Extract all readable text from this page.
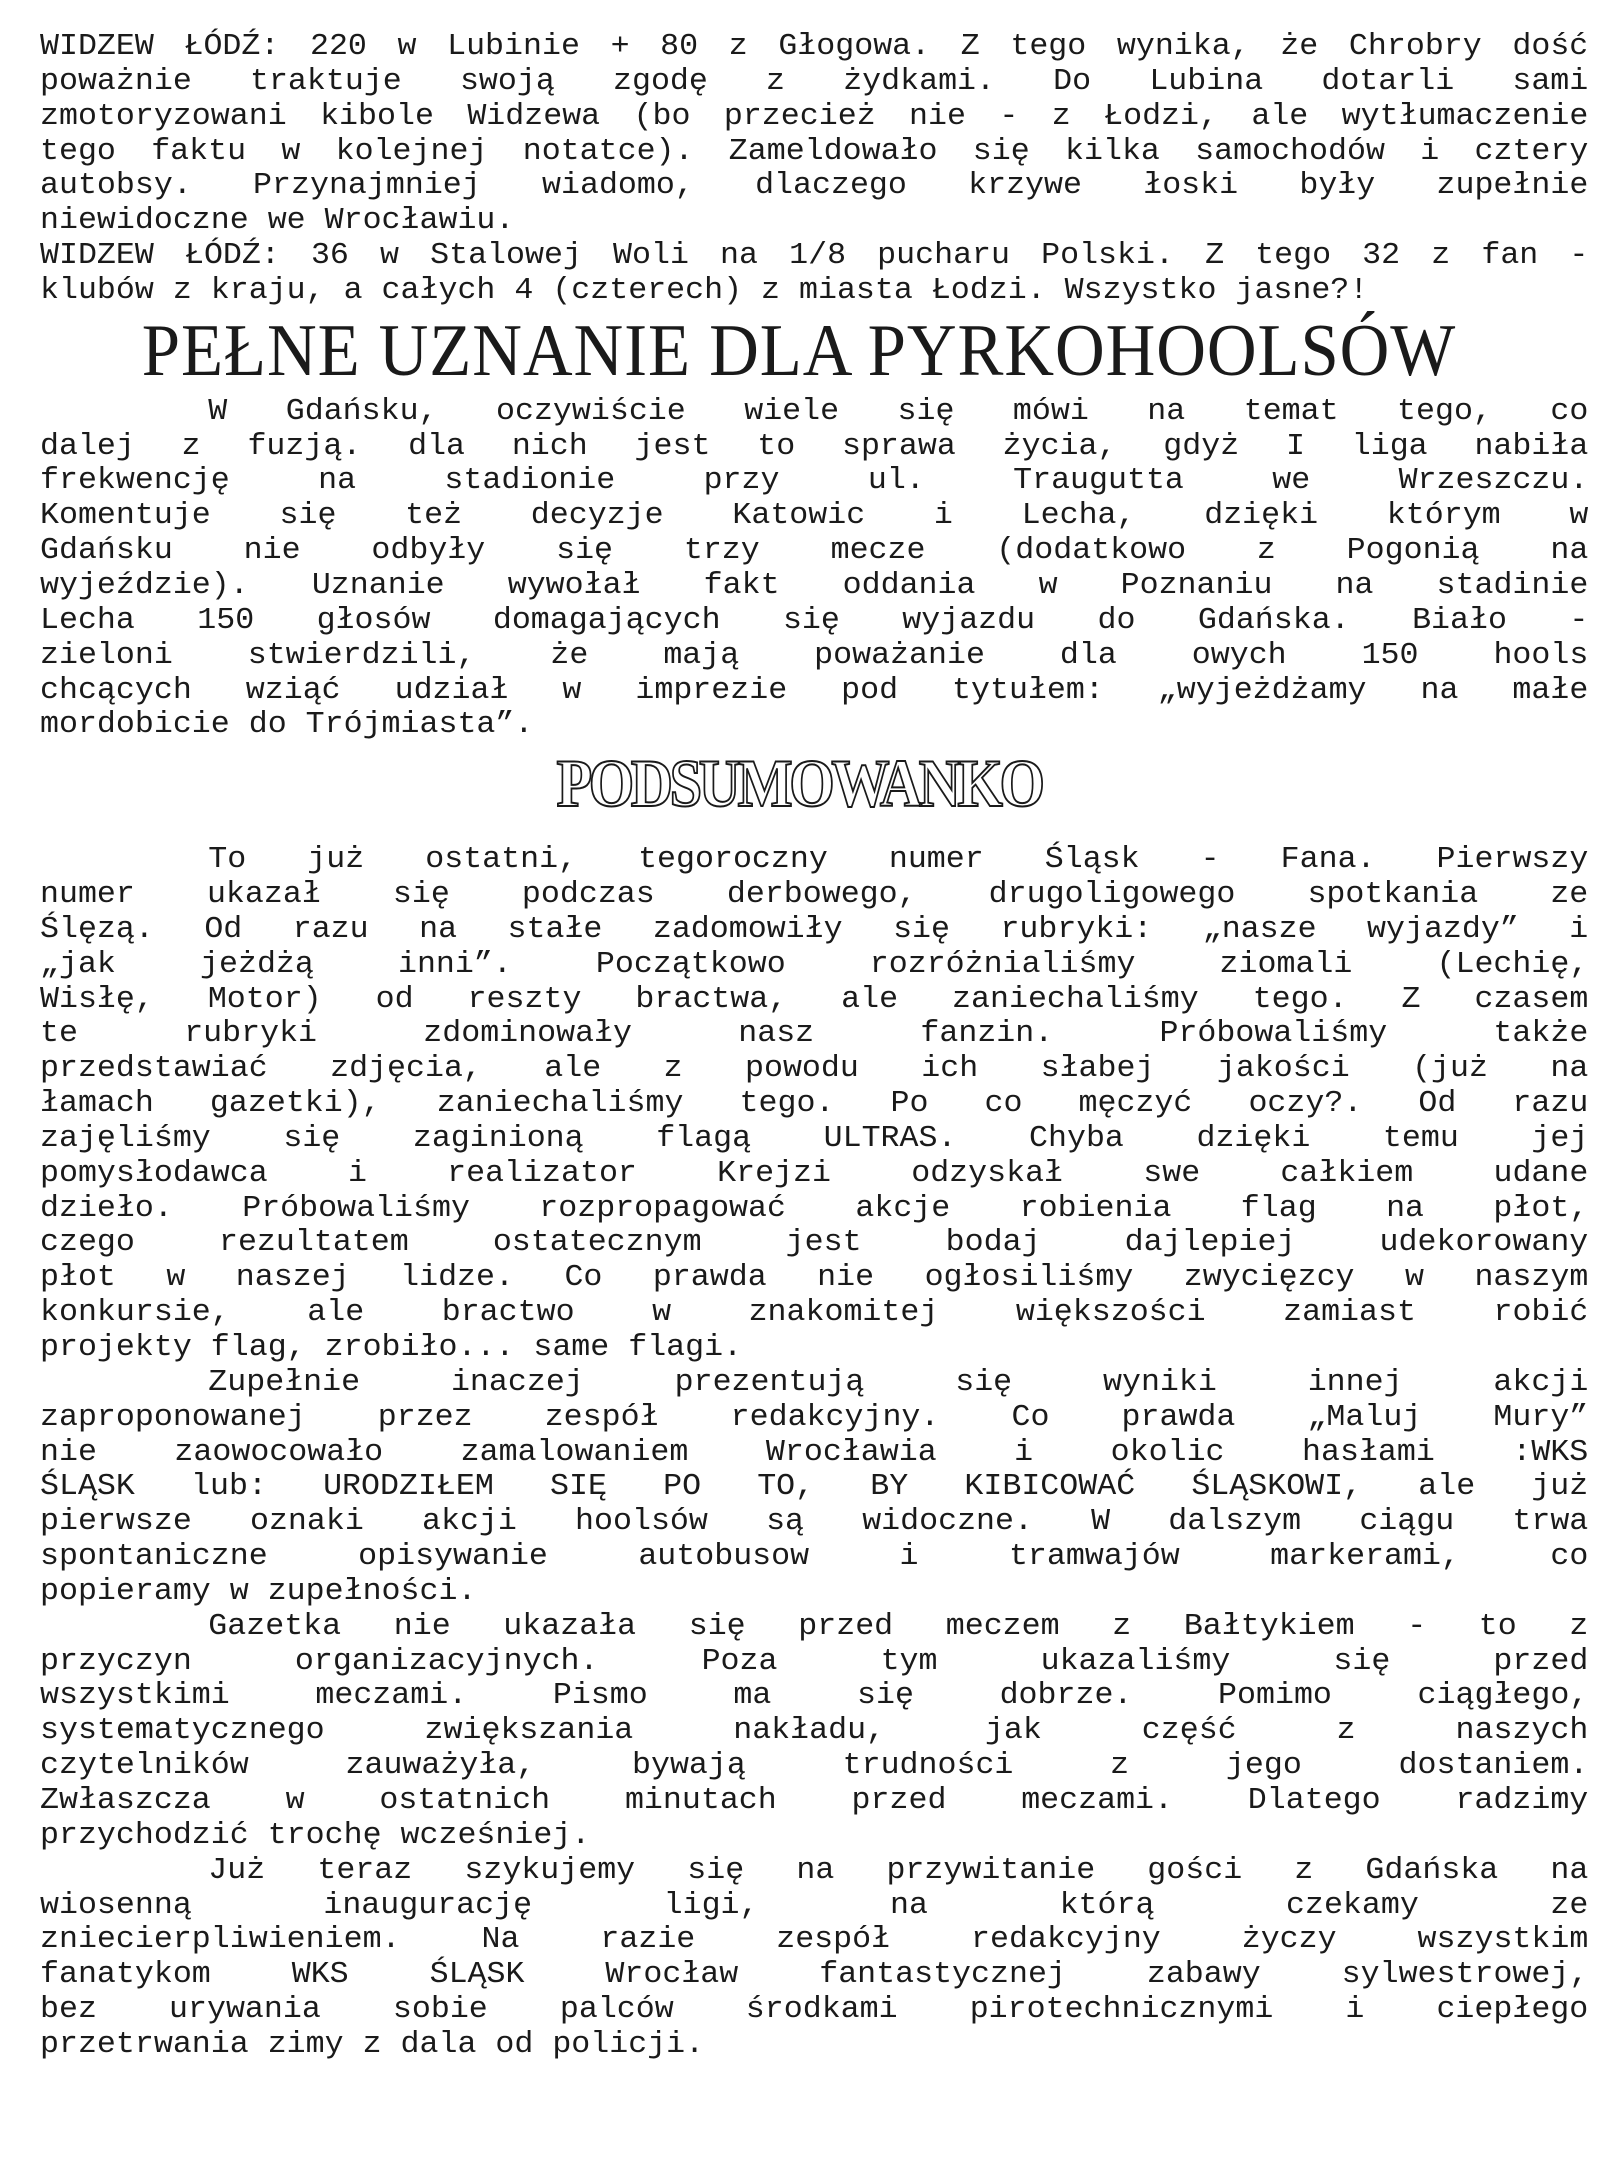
WIDZEW ŁÓDŹ: 220 w Lubinie + 80 z Głogowa. Z tego wynika, że Chrobry dość
poważnie traktuje swoją zgodę z żydkami. Do Lubina dotarli sami
zmotoryzowani kibole Widzewa (bo przecież nie - z Łodzi, ale wytłumaczenie
tego faktu w kolejnej notatce). Zameldowało się kilka samochodów i cztery
autobsy. Przynajmniej wiadomo, dlaczego krzywe łoski były zupełnie
niewidoczne we Wrocławiu.
WIDZEW ŁÓDŹ: 36 w Stalowej Woli na 1/8 pucharu Polski. Z tego 32 z fan -
klubów z kraju, a całych 4 (czterech) z miasta Łodzi. Wszystko jasne?!
PEŁNE UZNANIE DLA PYRKOHOOLSÓW
W Gdańsku, oczywiście wiele się mówi na temat tego, co
dalej z fuzją. dla nich jest to sprawa życia, gdyż I liga nabiła
frekwencję	na	stadionie	przy	ul.	Traugutta	we	Wrzeszczu.
Komentuje się też decyzje Katowic i Lecha, dzięki którym w
Gdańsku nie odbyły się trzy mecze (dodatkowo z Pogonią na
wyjeździe). Uznanie wywołał fakt oddania w Poznaniu na stadinie
Lecha 150 głosów domagających się wyjazdu do Gdańska. Biało -
zieloni stwierdzili, że mają poważanie dla owych 150 hools
chcących wziąć udział w imprezie pod tytułem: „wyjeżdżamy na małe
mordobicie do Trójmiasta”.
PODSUMOWANKO
To już ostatni, tegoroczny numer Śląsk - Fana. Pierwszy
numer ukazał się podczas derbowego, drugoligowego spotkania ze
Ślęzą. Od razu na stałe zadomowiły się rubryki: „nasze wyjazdy” i
„jak	jeżdżą	inni”.	Początkowo	rozróżnialiśmy	ziomali	(Lechię,
Wisłę, Motor) od reszty bractwa, ale zaniechaliśmy tego. Z czasem
te	rubryki	zdominowały	nasz	fanzin.	Próbowaliśmy	także
przedstawiać zdjęcia, ale z powodu ich słabej jakości (już na
łamach gazetki), zaniechaliśmy tego. Po co męczyć oczy?. Od razu
zajęliśmy się zaginioną flagą ULTRAS. Chyba dzięki temu jej
pomysłodawca	i	realizator	Krejzi	odzyskał	swe	całkiem	udane
dzieło. Próbowaliśmy rozpropagować akcje robienia flag na płot,
czego	rezultatem	ostatecznym	jest	bodaj	dajlepiej	udekorowany
płot w naszej lidze. Co prawda nie ogłosiliśmy zwycięzcy w naszym
konkursie,	ale	bractwo	w	znakomitej	większości	zamiast	robić
projekty flag, zrobiło... same flagi.
Zupełnie	inaczej	prezentują	się	wyniki	innej	akcji
zaproponowanej przez zespół redakcyjny. Co prawda „Maluj Mury”
nie	zaowocowało	zamalowaniem	Wrocławia	i	okolic	hasłami	:WKS
ŚLĄSK lub: URODZIŁEM SIĘ PO TO, BY KIBICOWAĆ ŚLĄSKOWI, ale już
pierwsze oznaki akcji hoolsów są widoczne. W dalszym ciągu trwa
spontaniczne	opisywanie	autobusow	i	tramwajów	markerami,	co
popieramy w zupełności.
Gazetka nie ukazała się przed meczem z Bałtykiem - to z
przyczyn	organizacyjnych.	Poza	tym	ukazaliśmy	się	przed
wszystkimi	meczami.	Pismo	ma	się	dobrze.	Pomimo	ciągłego,
systematycznego	zwiększania	nakładu,	jak	część	z	naszych
czytelników	zauważyła,	bywają	trudności	z	jego	dostaniem.
Zwłaszcza w ostatnich minutach przed meczami. Dlatego radzimy
przychodzić trochę wcześniej.
Już teraz szykujemy się na przywitanie gości z Gdańska na
wiosenną	inaugurację	ligi,	na	którą	czekamy	ze
zniecierpliwieniem.	Na	razie	zespół	redakcyjny	życzy	wszystkim
fanatykom	WKS	ŚLĄSK	Wrocław	fantastycznej	zabawy	sylwestrowej,
bez urywania sobie palców środkami pirotechnicznymi i ciepłego
przetrwania zimy z dala od policji.
